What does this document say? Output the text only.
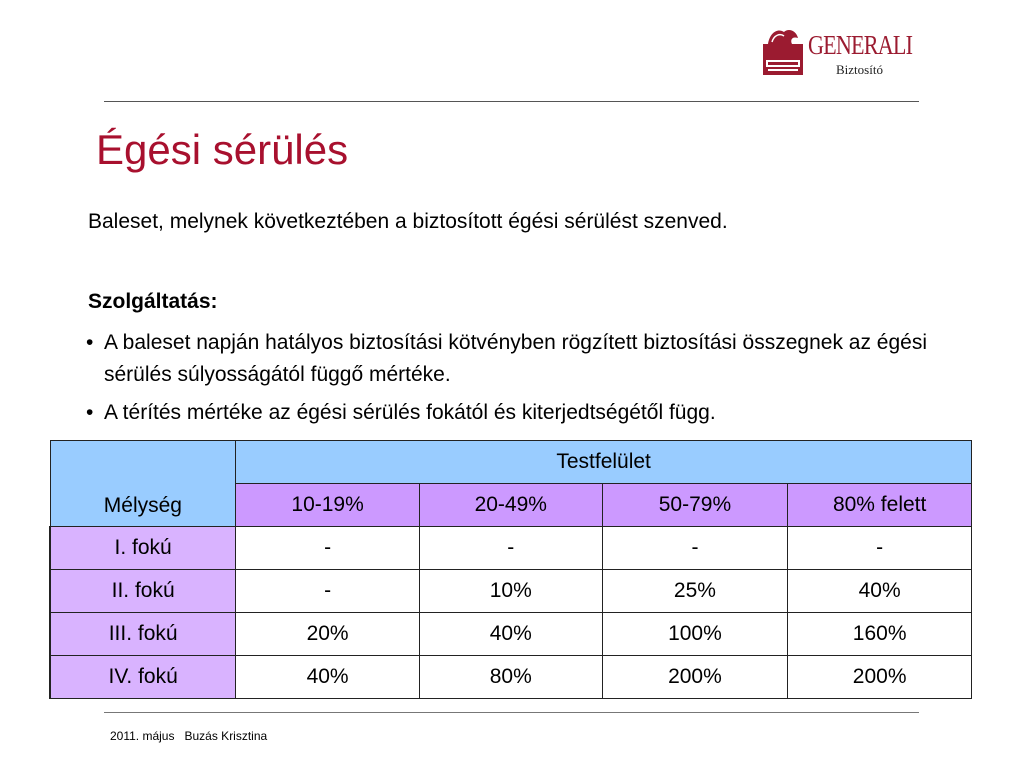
GENERALI
Biztosító
Égési sérülés
Baleset, melynek következtében a biztosított égési sérülést szenved.
Szolgáltatás:
• A baleset napján hatályos biztosítási kötvényben rögzített biztosítási összegnek az égési sérülés súlyosságától függő mértéke.
• A térítés mértéke az égési sérülés fokától és kiterjedtségétől függ.
Mélység	Testfelület			
	10-19%	20-49%	50-79%	80% felett
I. fokú	-	-	-	-
II. fokú	-	10%	25%	40%
III. fokú	20%	40%	100%	160%
IV. fokú	40%	80%	200%	200%
2011. május Buzás Krisztina
